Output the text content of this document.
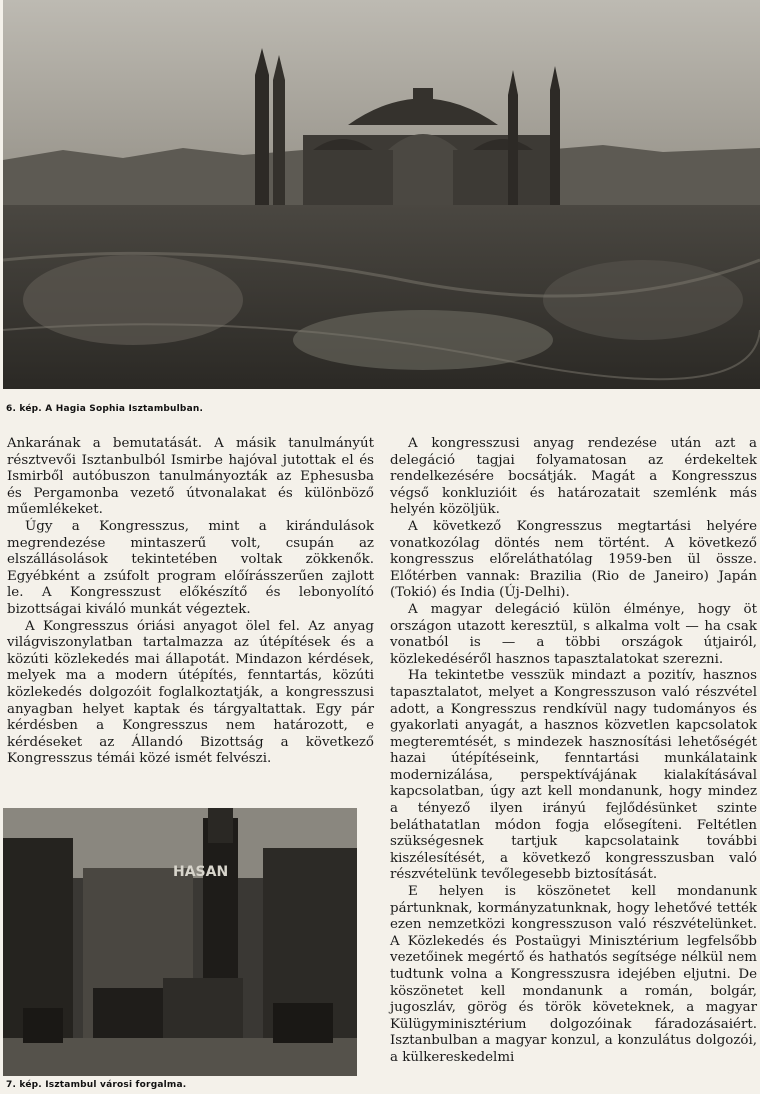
6. kép. A Hagia Sophia Isztambulban.

Ankarának a bemutatását. A másik tanulmányút résztvevői Isztanbulból Ismirbe hajóval jutottak el és Ismirből autóbuszon tanulmányozták az Ephesusba és Pergamonba vezető útvonalakat és különböző műemlékeket.

Úgy a Kongresszus, mint a kirándulások megrendezése mintaszerű volt, csupán az elszállásolások tekintetében voltak zökkenők. Egyébként a zsúfolt program előírásszerűen zajlott le. A Kongresszust előkészítő és lebonyolító bizottságai kiváló munkát végeztek.

A Kongresszus óriási anyagot ölel fel. Az anyag világviszonylatban tartalmazza az útépítések és a közúti közlekedés mai állapotát. Mindazon kérdések, melyek ma a modern útépítés, fenntartás, közúti közlekedés dolgozóit foglalkoztatják, a kongresszusi anyagban helyet kaptak és tárgyaltattak. Egy pár kérdésben a Kongresszus nem határozott, e kérdéseket az Állandó Bizottság a következő Kongresszus témái közé ismét felvészi.

A kongresszusi anyag rendezése után azt a delegáció tagjai folyamatosan az érdekeltek rendelkezésére bocsátják. Magát a Kongresszus végső konkluzióit és határozatait szemlénk más helyén közöljük.

A következő Kongresszus megtartási helyére vonatkozólag döntés nem történt. A következő kongresszus előreláthatólag 1959-ben ül össze. Előtérben vannak: Brazilia (Rio de Janeiro) Japán (Tokió) és India (Új-Delhi).

A magyar delegáció külön élménye, hogy öt országon utazott keresztül, s alkalma volt — ha csak vonatból is — a többi országok útjairól, közlekedéséről hasznos tapasztalatokat szerezni.

Ha tekintetbe vesszük mindazt a pozitív, hasznos tapasztalatot, melyet a Kongresszuson való részvétel adott, a Kongresszus rendkívül nagy tudományos és gyakorlati anyagát, a hasznos közvetlen kapcsolatok megteremtését, s mindezek hasznosítási lehetőségét hazai útépítéseink, fenntartási munkálataink modernizálása, perspektívájának kialakításával kapcsolatban, úgy azt kell mondanunk, hogy mindez a tényező ilyen irányú fejlődésünket szinte beláthatatlan módon fogja elősegíteni. Feltétlen szükségesnek tartjuk kapcsolataink további kiszélesítését, a következő kongresszusban való részvételünk tevőlegesebb biztosítását.

E helyen is köszönetet kell mondanunk pártunknak, kormányzatunknak, hogy lehetővé tették ezen nemzetközi kongresszuson való részvételünket. A Közlekedés és Postaügyi Minisztérium legfelsőbb vezetőinek megértő és hathatós segítsége nélkül nem tudtunk volna a Kongresszusra idejében eljutni. De köszönetet kell mondanunk a román, bolgár, jugoszláv, görög és török követeknek, a magyar Külügyminisztérium dolgozóinak fáradozásaiért. Isztanbulban a magyar konzul, a konzulátus dolgozói, a külkereskedelmi

HASAN
7. kép. Isztambul városi forgalma.
